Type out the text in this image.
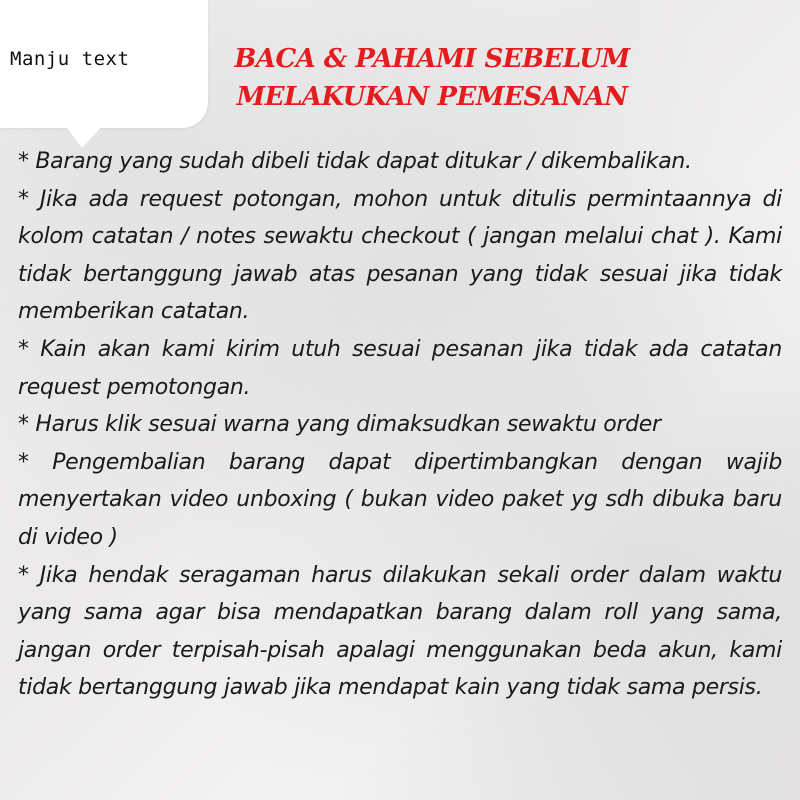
Manju text	BACA & PAHAMI SEBELUM
MELAKUKAN PEMESANAN

* Barang yang sudah dibeli tidak dapat ditukar / dikembalikan.

* Jika ada request potongan, mohon untuk ditulis permintaannya di kolom catatan / notes sewaktu checkout ( jangan melalui chat ). Kami tidak bertanggung jawab atas pesanan yang tidak sesuai jika tidak memberikan catatan.

* Kain akan kami kirim utuh sesuai pesanan jika tidak ada catatan request pemotongan.

* Harus klik sesuai warna yang dimaksudkan sewaktu order

* Pengembalian barang dapat dipertimbangkan dengan wajib menyertakan video unboxing ( bukan video paket yg sdh dibuka baru di video )

* Jika hendak seragaman harus dilakukan sekali order dalam waktu yang sama agar bisa mendapatkan barang dalam roll yang sama, jangan order terpisah-pisah apalagi menggunakan beda akun, kami tidak bertanggung jawab jika mendapat kain yang tidak sama persis.
